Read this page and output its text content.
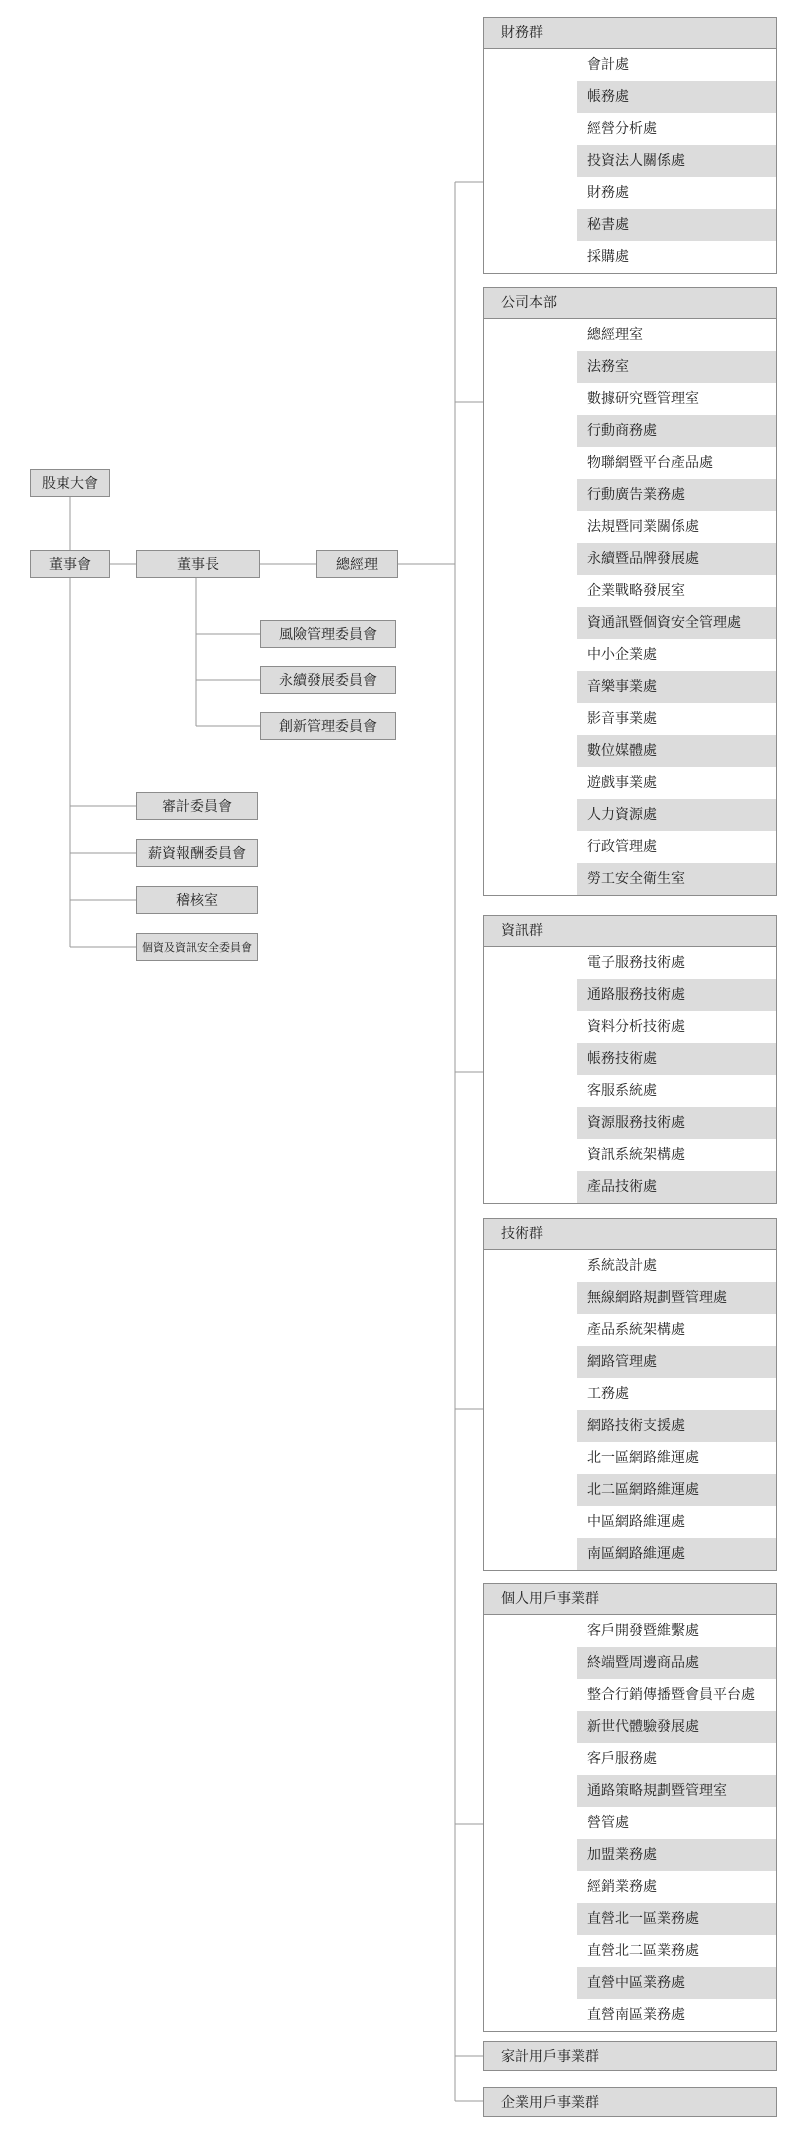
股東大會
董事會	董事長	總經理
風險管理委員會
永續發展委員會
創新管理委員會
審計委員會
薪資報酬委員會
稽核室
個資及資訊安全委員會
財務群
會計處
帳務處
經營分析處
投資法人關係處
財務處
秘書處
採購處
公司本部
總經理室
法務室
數據研究暨管理室
行動商務處
物聯網暨平台產品處
行動廣告業務處
法規暨同業關係處
永續暨品牌發展處
企業戰略發展室
資通訊暨個資安全管理處
中小企業處
音樂事業處
影音事業處
數位媒體處
遊戲事業處
人力資源處
行政管理處
勞工安全衛生室
資訊群
電子服務技術處
通路服務技術處
資料分析技術處
帳務技術處
客服系統處
資源服務技術處
資訊系統架構處
產品技術處
技術群
系統設計處
無線網路規劃暨管理處
產品系統架構處
網路管理處
工務處
網路技術支援處
北一區網路維運處
北二區網路維運處
中區網路維運處
南區網路維運處
個人用戶事業群
客戶開發暨維繫處
終端暨周邊商品處
整合行銷傳播暨會員平台處
新世代體驗發展處
客戶服務處
通路策略規劃暨管理室
營管處
加盟業務處
經銷業務處
直營北一區業務處
直營北二區業務處
直營中區業務處
直營南區業務處
家計用戶事業群
企業用戶事業群
